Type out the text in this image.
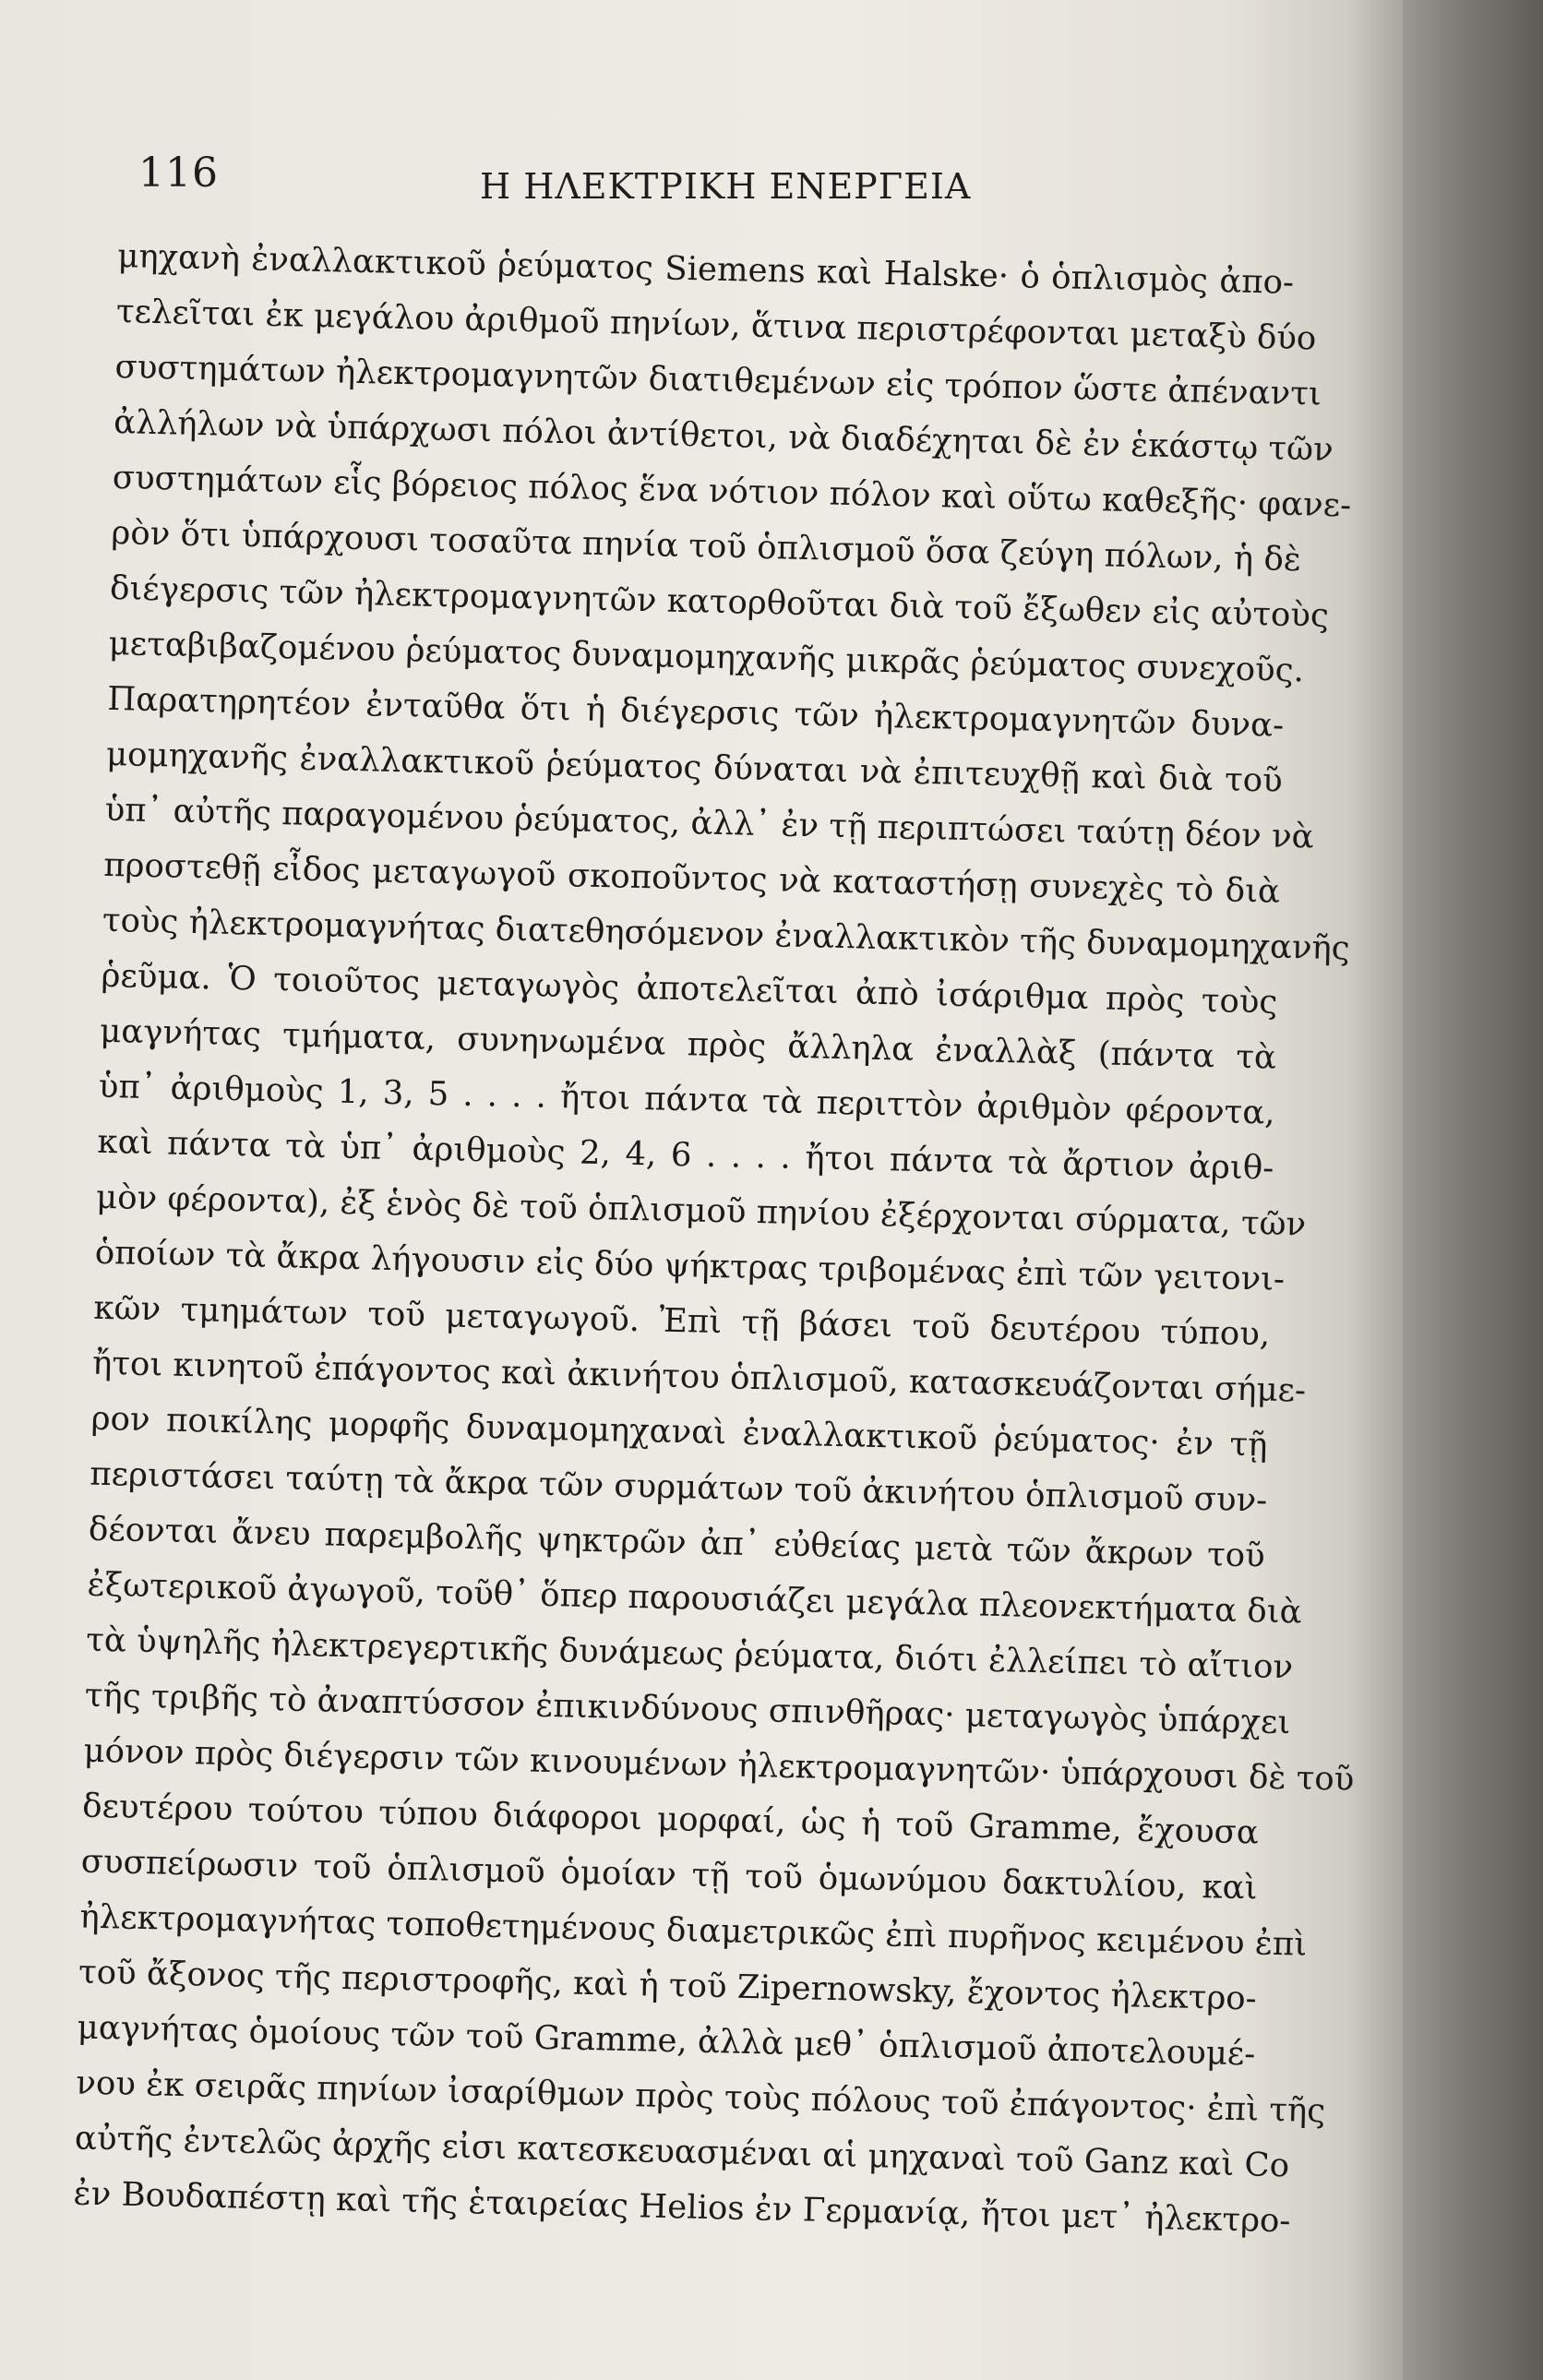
116	Η ΗΛΕΚΤΡΙΚΗ ΕΝΕΡΓΕΙΑ
μηχανὴ ἐναλλακτικοῦ ῥεύματος Siemens καὶ Halske· ὁ ὁπλισμὸς ἀπο-
τελεῖται ἐκ μεγάλου ἀριθμοῦ πηνίων, ἅτινα περιστρέφονται μεταξὺ δύο
συστημάτων ἠλεκτρομαγνητῶν διατιθεμένων εἰς τρόπον ὥστε ἀπέναντι
ἀλλήλων νὰ ὑπάρχωσι πόλοι ἀντίθετοι, νὰ διαδέχηται δὲ ἐν ἑκάστῳ τῶν
συστημάτων εἷς βόρειος πόλος ἕνα νότιον πόλον καὶ οὕτω καθεξῆς· φανε-
ρὸν ὅτι ὑπάρχουσι τοσαῦτα πηνία τοῦ ὁπλισμοῦ ὅσα ζεύγη πόλων, ἡ δὲ
διέγερσις τῶν ἠλεκτρομαγνητῶν κατορθοῦται διὰ τοῦ ἔξωθεν εἰς αὐτοὺς
μεταβιβαζομένου ῥεύματος δυναμομηχανῆς μικρᾶς ῥεύματος συνεχοῦς.
Παρατηρητέον ἐνταῦθα ὅτι ἡ διέγερσις τῶν ἠλεκτρομαγνητῶν δυνα-
μομηχανῆς ἐναλλακτικοῦ ῥεύματος δύναται νὰ ἐπιτευχθῇ καὶ διὰ τοῦ
ὑπ᾽ αὐτῆς παραγομένου ῥεύματος, ἀλλ᾽ ἐν τῇ περιπτώσει ταύτῃ δέον νὰ
προστεθῇ εἶδος μεταγωγοῦ σκοποῦντος νὰ καταστήσῃ συνεχὲς τὸ διὰ
τοὺς ἠλεκτρομαγνήτας διατεθησόμενον ἐναλλακτικὸν τῆς δυναμομηχανῆς
ῥεῦμα. Ὁ τοιοῦτος μεταγωγὸς ἀποτελεῖται ἀπὸ ἰσάριθμα πρὸς τοὺς
μαγνήτας τμήματα, συνηνωμένα πρὸς ἄλληλα ἐναλλὰξ (πάντα τὰ
ὑπ᾽ ἀριθμοὺς 1, 3, 5 . . . . ἤτοι πάντα τὰ περιττὸν ἀριθμὸν φέροντα,
καὶ πάντα τὰ ὑπ᾽ ἀριθμοὺς 2, 4, 6 . . . . ἤτοι πάντα τὰ ἄρτιον ἀριθ-
μὸν φέροντα), ἐξ ἑνὸς δὲ τοῦ ὁπλισμοῦ πηνίου ἐξέρχονται σύρματα, τῶν
ὁποίων τὰ ἄκρα λήγουσιν εἰς δύο ψήκτρας τριβομένας ἐπὶ τῶν γειτονι-
κῶν τμημάτων τοῦ μεταγωγοῦ. Ἐπὶ τῇ βάσει τοῦ δευτέρου τύπου,
ἤτοι κινητοῦ ἐπάγοντος καὶ ἀκινήτου ὁπλισμοῦ, κατασκευάζονται σήμε-
ρον ποικίλης μορφῆς δυναμομηχαναὶ ἐναλλακτικοῦ ῥεύματος· ἐν τῇ
περιστάσει ταύτῃ τὰ ἄκρα τῶν συρμάτων τοῦ ἀκινήτου ὁπλισμοῦ συν-
δέονται ἄνευ παρεμβολῆς ψηκτρῶν ἀπ᾽ εὐθείας μετὰ τῶν ἄκρων τοῦ
ἐξωτερικοῦ ἀγωγοῦ, τοῦθ᾽ ὅπερ παρουσιάζει μεγάλα πλεονεκτήματα διὰ
τὰ ὑψηλῆς ἠλεκτρεγερτικῆς δυνάμεως ῥεύματα, διότι ἐλλείπει τὸ αἴτιον
τῆς τριβῆς τὸ ἀναπτύσσον ἐπικινδύνους σπινθῆρας· μεταγωγὸς ὑπάρχει
μόνον πρὸς διέγερσιν τῶν κινουμένων ἠλεκτρομαγνητῶν· ὑπάρχουσι δὲ τοῦ
δευτέρου τούτου τύπου διάφοροι μορφαί, ὡς ἡ τοῦ Gramme, ἔχουσα
συσπείρωσιν τοῦ ὁπλισμοῦ ὁμοίαν τῇ τοῦ ὁμωνύμου δακτυλίου, καὶ
ἠλεκτρομαγνήτας τοποθετημένους διαμετρικῶς ἐπὶ πυρῆνος κειμένου ἐπὶ
τοῦ ἄξονος τῆς περιστροφῆς, καὶ ἡ τοῦ Zipernowsky, ἔχοντος ἠλεκτρο-
μαγνήτας ὁμοίους τῶν τοῦ Gramme, ἀλλὰ μεθ᾽ ὁπλισμοῦ ἀποτελουμέ-
νου ἐκ σειρᾶς πηνίων ἰσαρίθμων πρὸς τοὺς πόλους τοῦ ἐπάγοντος· ἐπὶ τῆς
αὐτῆς ἐντελῶς ἀρχῆς εἰσι κατεσκευασμέναι αἱ μηχαναὶ τοῦ Ganz καὶ Co
ἐν Βουδαπέστῃ καὶ τῆς ἑταιρείας Helios ἐν Γερμανίᾳ, ἤτοι μετ᾽ ἠλεκτρο-
